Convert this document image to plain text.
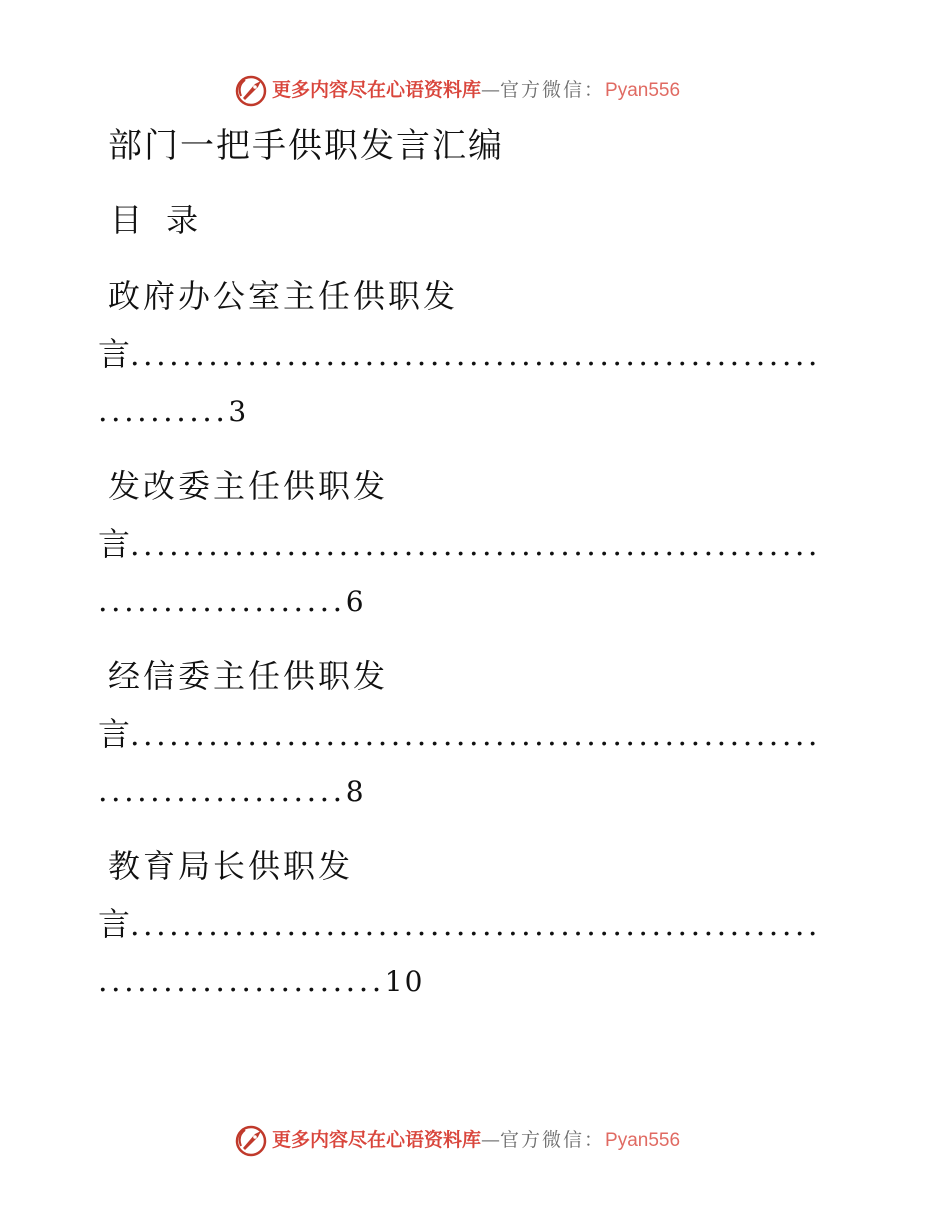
更多内容尽在心语资料库—官方微信：Pyan556
部门一把手供职发言汇编
目 录
政府办公室主任供职发
言.....................................................
..........3
发改委主任供职发
言.....................................................
...................6
经信委主任供职发
言.....................................................
...................8
教育局长供职发
言.....................................................
......................10
更多内容尽在心语资料库—官方微信：Pyan556
